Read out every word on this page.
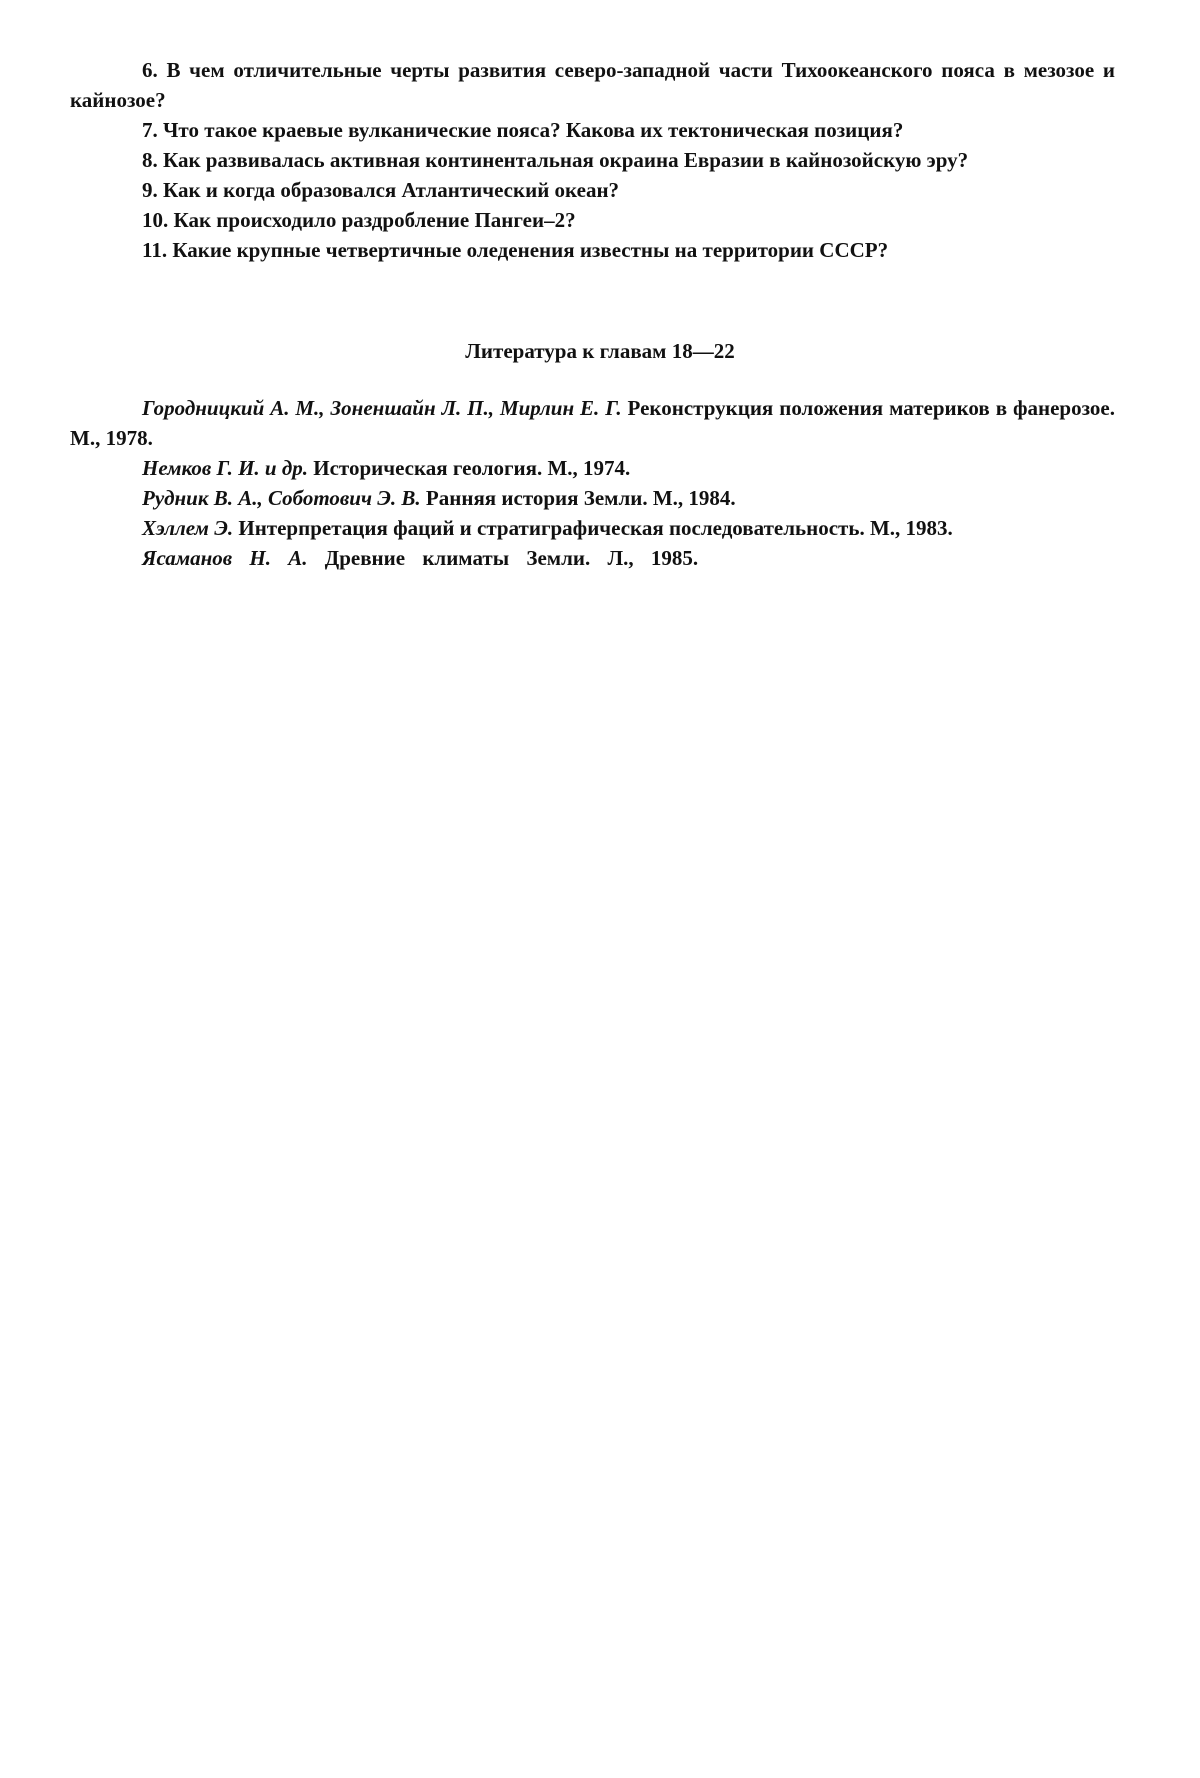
6. В чем отличительные черты развития северо-западной части Тихоокеанского пояса в мезозое и кайнозое?

7. Что такое краевые вулканические пояса? Какова их тектоническая позиция?

8. Как развивалась активная континентальная окраина Евразии в кайнозойскую эру?

9. Как и когда образовался Атлантический океан?

10. Как происходило раздробление Пангеи–2?

11. Какие крупные четвертичные оледенения известны на территории СССР?

Литература к главам 18—22

Городницкий А. М., Зоненшайн Л. П., Мирлин Е. Г. Реконструкция положения материков в фанерозое. М., 1978.

Немков Г. И. и др. Историческая геология. М., 1974.

Рудник В. А., Соботович Э. В. Ранняя история Земли. М., 1984.

Хэллем Э. Интерпретация фаций и стратиграфическая последовательность. М., 1983.

Ясаманов Н. А. Древние климаты Земли. Л., 1985.
